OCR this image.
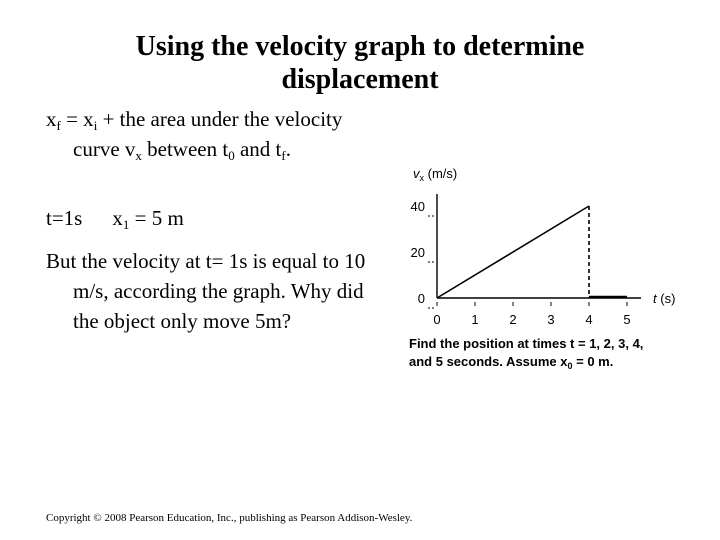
Using the velocity graph to determine
displacement

$x_f = x_i$ + the area under the velocity curve $v_x$ between $t_0$ and $t_f$.

t=1s $x_1 = 5$ m

But the velocity at t= 1s is equal to 10 m/s, according the graph. Why did the object only move 5m?

$v_x$ (m/s)
0
20
40
0 1 2 3 4 5
t (s)
Find the position at times t = 1, 2, 3, 4,
and 5 seconds. Assume $x_0 = 0$ m.
Copyright © 2008 Pearson Education, Inc., publishing as Pearson Addison-Wesley.
